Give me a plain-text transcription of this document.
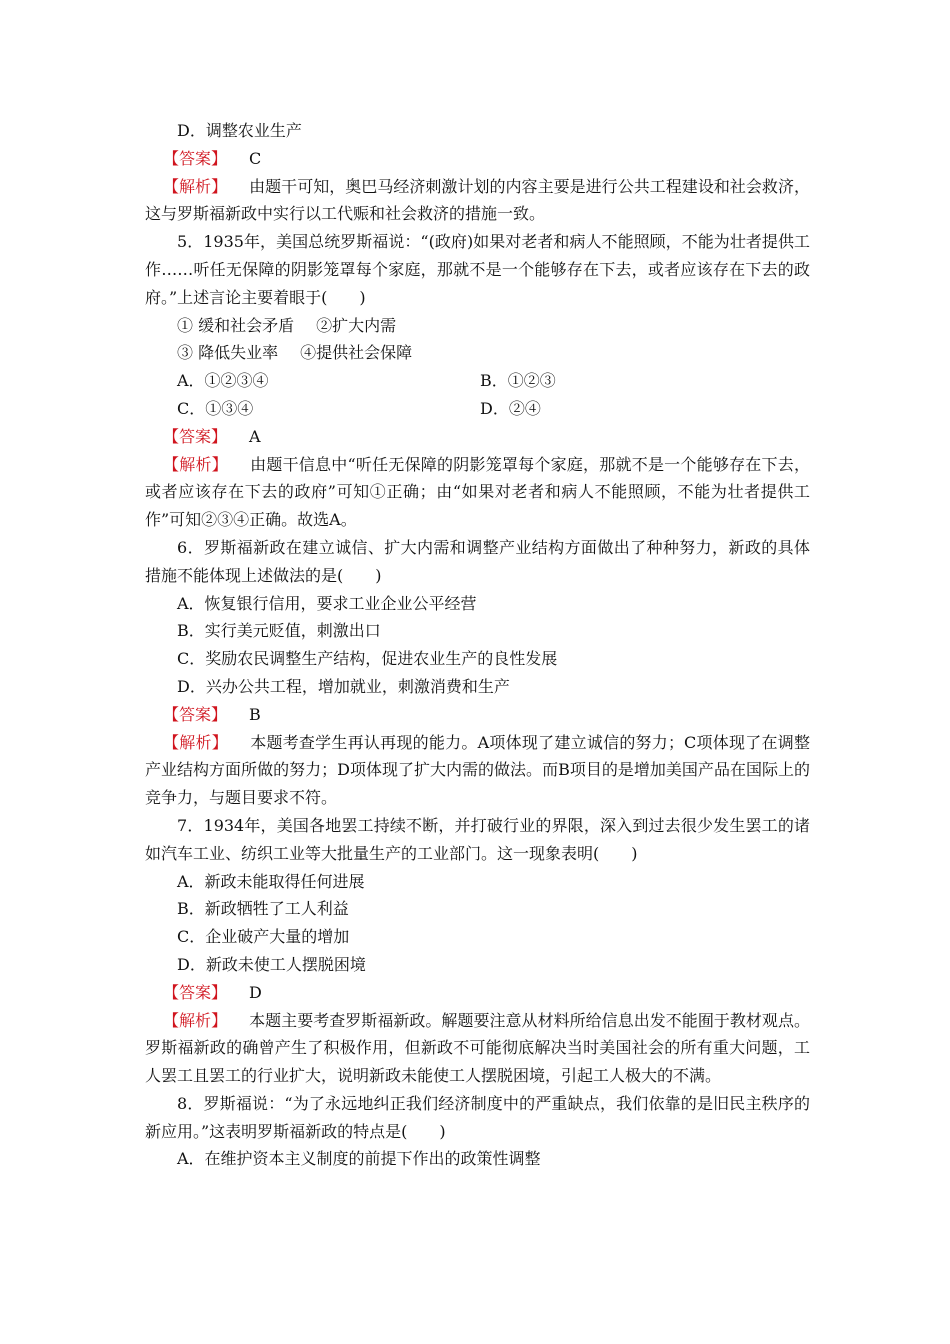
D．调整农业生产
【答案】 C
【解析】 由题干可知，奥巴马经济刺激计划的内容主要是进行公共工程建设和社会救济，这与罗斯福新政中实行以工代赈和社会救济的措施一致。
5．1935年，美国总统罗斯福说：“(政府)如果对老者和病人不能照顾，不能为壮者提供工作……听任无保障的阴影笼罩每个家庭，那就不是一个能够存在下去，或者应该存在下去的政府。”上述言论主要着眼于(　　)
① 缓和社会矛盾 ②扩大内需
③ 降低失业率 ④提供社会保障
A．①②③④	B．①②③
C．①③④	D．②④
【答案】 A
【解析】 由题干信息中“听任无保障的阴影笼罩每个家庭，那就不是一个能够存在下去，或者应该存在下去的政府”可知①正确；由“如果对老者和病人不能照顾，不能为壮者提供工作”可知②③④正确。故选A。
6．罗斯福新政在建立诚信、扩大内需和调整产业结构方面做出了种种努力，新政的具体措施不能体现上述做法的是(　　)
A．恢复银行信用，要求工业企业公平经营
B．实行美元贬值，刺激出口
C．奖励农民调整生产结构，促进农业生产的良性发展
D．兴办公共工程，增加就业，刺激消费和生产
【答案】 B
【解析】 本题考查学生再认再现的能力。A项体现了建立诚信的努力；C项体现了在调整产业结构方面所做的努力；D项体现了扩大内需的做法。而B项目的是增加美国产品在国际上的竞争力，与题目要求不符。
7．1934年，美国各地罢工持续不断，并打破行业的界限，深入到过去很少发生罢工的诸如汽车工业、纺织工业等大批量生产的工业部门。这一现象表明(　　)
A．新政未能取得任何进展
B．新政牺牲了工人利益
C．企业破产大量的增加
D．新政未使工人摆脱困境
【答案】 D
【解析】 本题主要考查罗斯福新政。解题要注意从材料所给信息出发不能囿于教材观点。罗斯福新政的确曾产生了积极作用，但新政不可能彻底解决当时美国社会的所有重大问题，工人罢工且罢工的行业扩大，说明新政未能使工人摆脱困境，引起工人极大的不满。
8．罗斯福说：“为了永远地纠正我们经济制度中的严重缺点，我们依靠的是旧民主秩序的新应用。”这表明罗斯福新政的特点是(　　)
A．在维护资本主义制度的前提下作出的政策性调整
